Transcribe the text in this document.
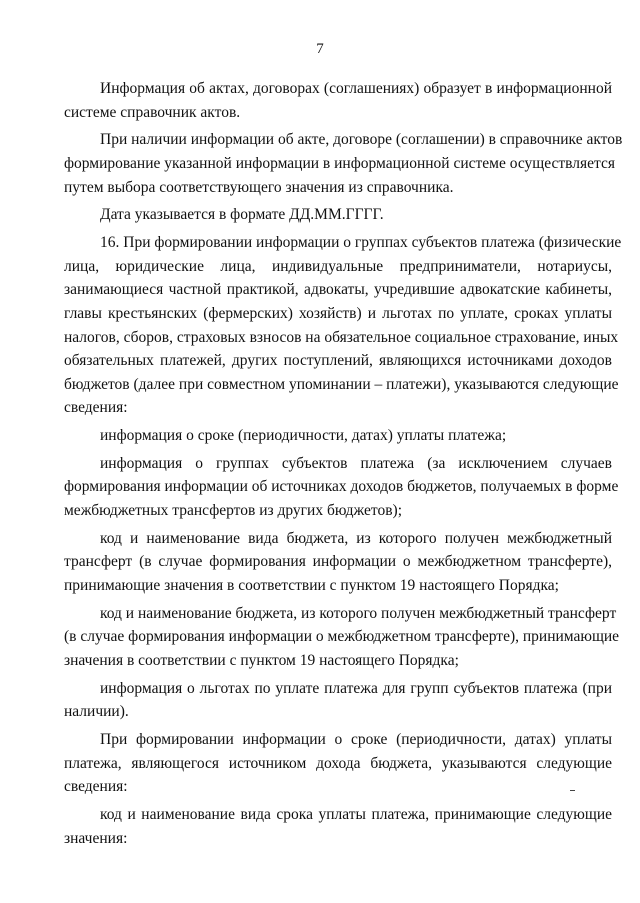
7

Информация об актах, договорах (соглашениях) образует в информационной
системе справочник актов.

При наличии информации об акте, договоре (соглашении) в справочнике актов
формирование указанной информации в информационной системе осуществляется
путем выбора соответствующего значения из справочника.

Дата указывается в формате ДД.ММ.ГГГГ.

16. При формировании информации о группах субъектов платежа (физические
лица, юридические лица, индивидуальные предприниматели, нотариусы,
занимающиеся частной практикой, адвокаты, учредившие адвокатские кабинеты,
главы крестьянских (фермерских) хозяйств) и льготах по уплате, сроках уплаты
налогов, сборов, страховых взносов на обязательное социальное страхование, иных
обязательных платежей, других поступлений, являющихся источниками доходов
бюджетов (далее при совместном упоминании – платежи), указываются следующие
сведения:

информация о сроке (периодичности, датах) уплаты платежа;

информация о группах субъектов платежа (за исключением случаев
формирования информации об источниках доходов бюджетов, получаемых в форме
межбюджетных трансфертов из других бюджетов);

код и наименование вида бюджета, из которого получен межбюджетный
трансферт (в случае формирования информации о межбюджетном трансферте),
принимающие значения в соответствии с пунктом 19 настоящего Порядка;

код и наименование бюджета, из которого получен межбюджетный трансферт
(в случае формирования информации о межбюджетном трансферте), принимающие
значения в соответствии с пунктом 19 настоящего Порядка;

информация о льготах по уплате платежа для групп субъектов платежа (при
наличии).

При формировании информации о сроке (периодичности, датах) уплаты
платежа, являющегося источником дохода бюджета, указываются следующие
сведения:

код и наименование вида срока уплаты платежа, принимающие следующие
значения:
